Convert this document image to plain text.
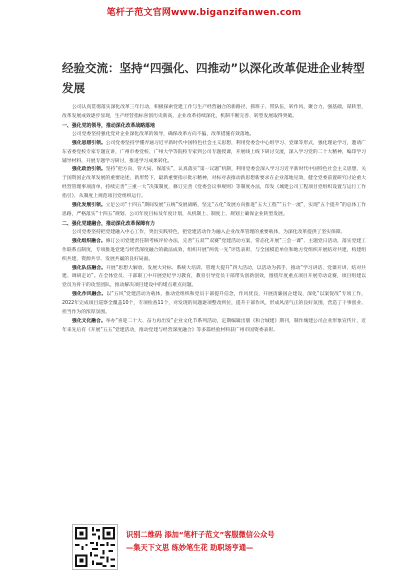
笔杆子范文官网www.biganzifanwen.com
经验交流：坚持“四强化、四推动”以深化改革促进企业转型发展

公司认真贯彻落实深化改革三年行动，积极探索党建工作与生产经营融合的新路径，抓班子、带队伍，转作风，聚合力，强基础，谋转型，改革发展成效逐步显现，生产经营指标喜创历史新高，企业改革持续深化，机制不断完善、转型发展取得突破。

一、强化党的领导，推动深化改革战略落地

公司党委坚持强化党对企业深化改革的领导，确保改革方向不偏，改革措施有效落地。

强化思想引领。公司党委坚持学懂弄通习近平新时代中国特色社会主义思想，利用党委会中心组学习、党课等形式，强化理论学习，邀请广东省委党校专家专题宣讲，广州市委党校、广州大学等院校专家到公司专题授课，开展线上线下研讨交流，深入学习党的二十大精神，编印学习辅导材料，开展专题学习研讨，推进学习成果转化。

强化政治引领。坚持“把方向、管大局、保落实”，认真落实“第一议题”机制，利用党委会深入学习习近平新时代中国特色社会主义思想，关于国资国企改革发展的重要论述，新形势下，最新重要指示批示精神，对标对表推动新思想新要求在企业落地见效，健全党委前置研究讨论重大经营管理事项清单，持续完善“三重一大”决策制度，修订完善《党委会议事规则》等制度办法，印发《城建公司工程项目党组织设置与运行工作指引》，从制度上规范项目党组织运行。

强化发展引领。立足公司“十四五”期间发展“五统”发展战略，坚定“五化”发展方向推进“五大工程”“五个一流”，实现“五个提升”的总体工作思路，严格落实“十四五”规划、公司年度目标及年度计划，从机制上、制度上、规划上确保企业转型发展。

二、强化党建融合，推动深化改革保障有力

公司党委坚持把党建融入中心工作，突出实践特色，把党建活动作为融入企业改革管理的重要载体，为深化改革提供了坚实保障。

强化组织融合。修订公司党建责任制考核评价办法，完善“五双”“双赛”党建活动方案，常态化开展“三会一课”、主题党日活动，落实党建工作联系点制度，专项推进党建与经营深度融合的做法成效，组织开展“两优一先”评选表彰，与全国模范单位和地方党组织开展结对共建，构建组织共建、资源共享、发展共赢的良好局面。

强化队伍融合。开展“思想大解放、发展大对标、系统大培训、管理大提升”四大活动，以活动为抓手，推动“学习讲话、党课开讲、结对共建、调研走访”。在全体党员、干部职工中开展党纪学习教育，教育引导党员干部带头创新创效，围绕年度重点项目开展劳动竞赛，项目组建以党员为骨干的攻坚团队，推动解决项目建设中的堵点难点问题。

强化作风融合。以“五风”党建活动为载体，推动党组织和党员干部提升信念，作风优良，开展清廉国企建设，深化“以案促改”专项工作，2022年完成项目巡察全覆盖10个，专项检查11个，对发现的问题逐项整改到位，提升干部作风，形成风清气正的良好氛围，营造了干事创业、担当作为的浓厚氛围。

强化文化融合。举办“喜迎二十大、奋力再出发”企业文化节系列活动，定期编辑出版《和合城建》期刊，制作城建公司企业形象宣传片，近年来先后有《开展“五五”党建活动，推动党建与经营深度融合》等多篇经验材料获广州市国资委表彰。

识别二维码 添加“笔杆子范文”客服微信公众号
—集天下文思 练妙笔生花 助职场亨通—
